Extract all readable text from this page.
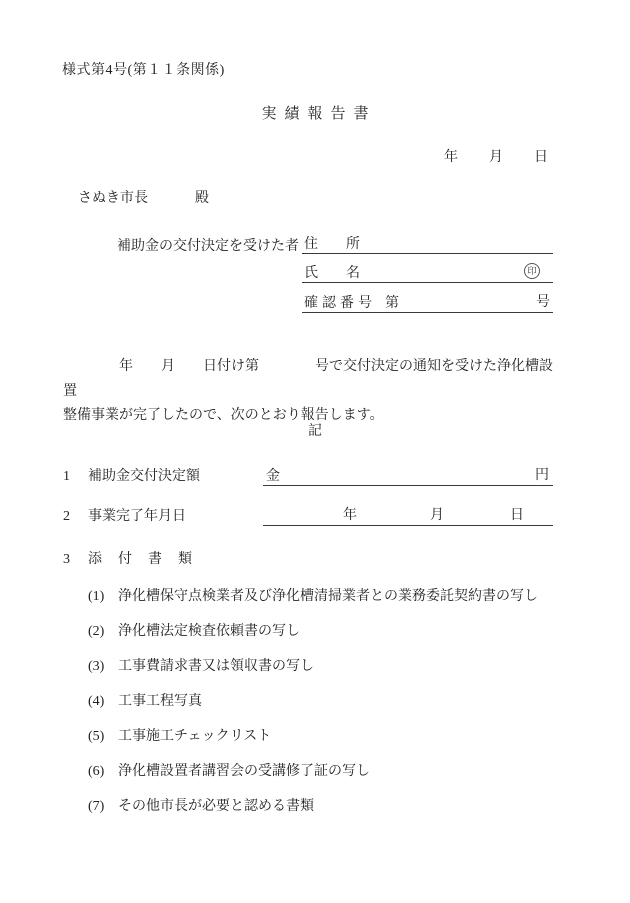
様式第4号(第１１条関係)
実績報告書
年　　月　　日
さぬき市長	殿
補助金の交付決定を受けた者 住　　所
氏　　名	印
確認番号 第	号
　　　　年　　月　　日付け第　　　　号で交付決定の通知を受けた浄化槽設置
整備事業が完了したので、次のとおり報告します。
記
1 補助金交付決定額	金	円
2 事業完了年月日	年	月	日
3 添　付　書　類
(1) 浄化槽保守点検業者及び浄化槽清掃業者との業務委託契約書の写し
(2) 浄化槽法定検査依頼書の写し
(3) 工事費請求書又は領収書の写し
(4) 工事工程写真
(5) 工事施工チェックリスト
(6) 浄化槽設置者講習会の受講修了証の写し
(7) その他市長が必要と認める書類
